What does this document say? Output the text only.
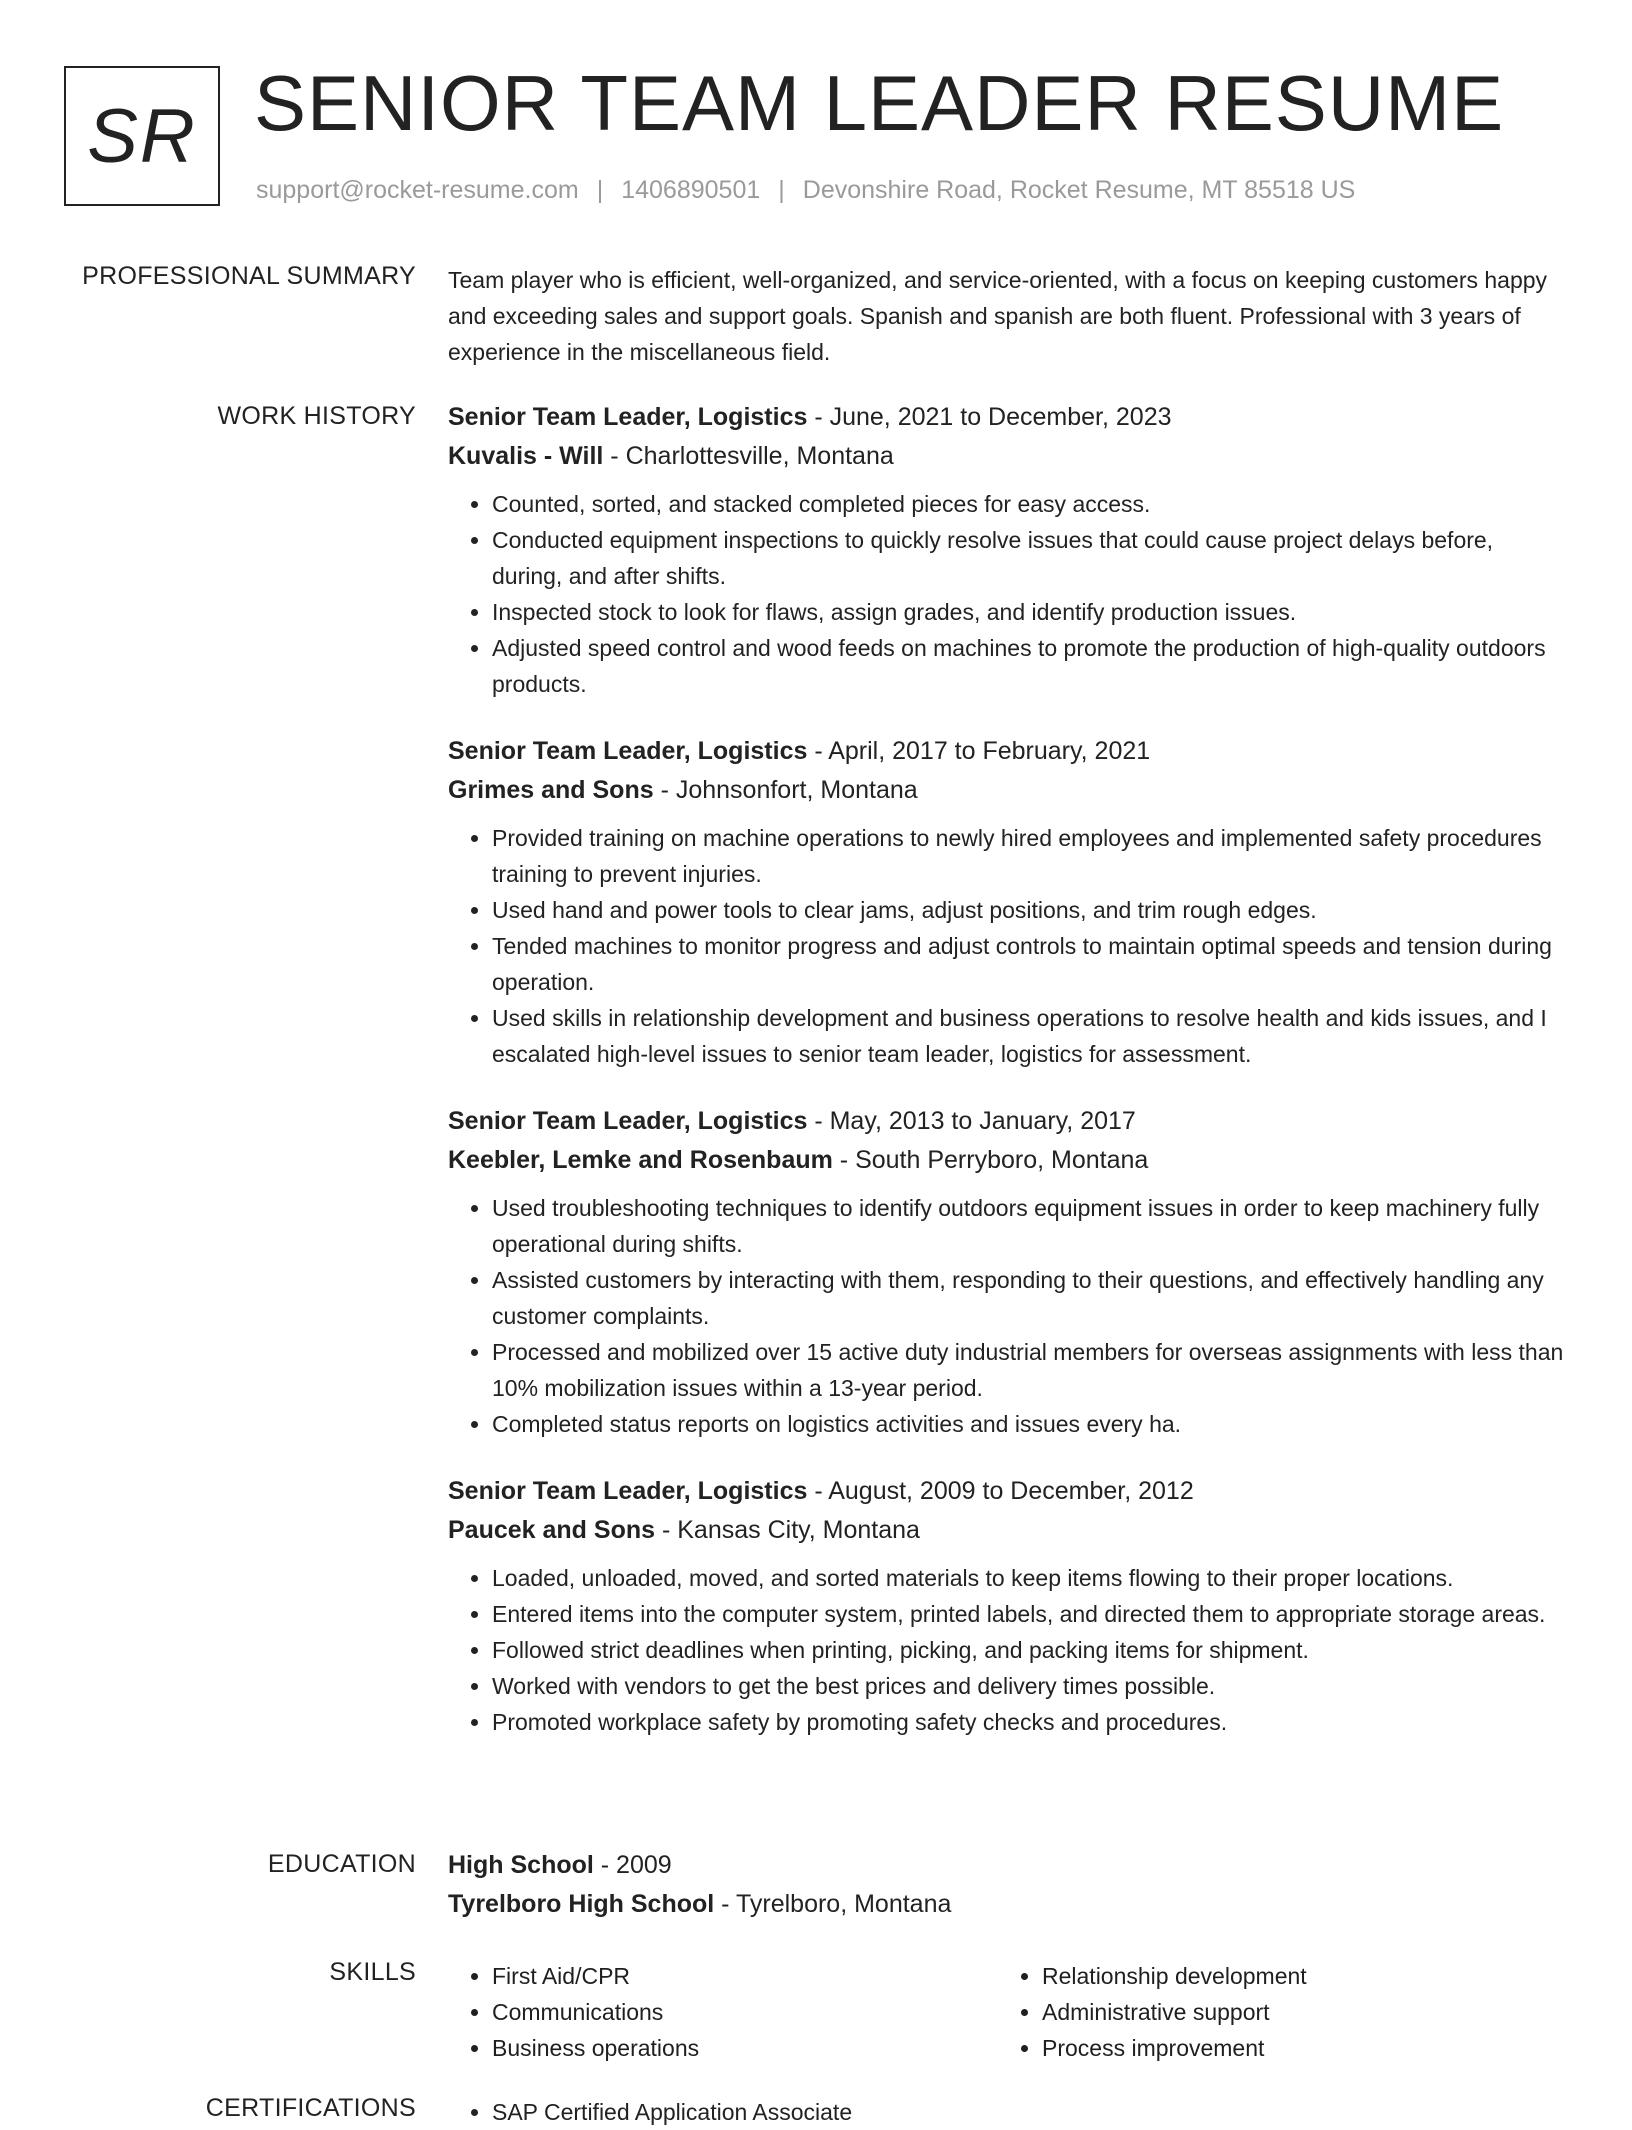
SR SENIOR TEAM LEADER RESUME
support@rocket-resume.com | 1406890501 | Devonshire Road, Rocket Resume, MT 85518 US
PROFESSIONAL SUMMARY Team player who is efficient, well-organized, and service-oriented, with a focus on keeping customers happy and exceeding sales and support goals. Spanish and spanish are both fluent. Professional with 3 years of experience in the miscellaneous field.

WORK HISTORY Senior Team Leader, Logistics - June, 2021 to December, 2023
Kuvalis - Will - Charlottesville, Montana
• Counted, sorted, and stacked completed pieces for easy access.
• Conducted equipment inspections to quickly resolve issues that could cause project delays before, during, and after shifts.
• Inspected stock to look for flaws, assign grades, and identify production issues.
• Adjusted speed control and wood feeds on machines to promote the production of high-quality outdoors products.
Senior Team Leader, Logistics - April, 2017 to February, 2021
Grimes and Sons - Johnsonfort, Montana
• Provided training on machine operations to newly hired employees and implemented safety procedures training to prevent injuries.
• Used hand and power tools to clear jams, adjust positions, and trim rough edges.
• Tended machines to monitor progress and adjust controls to maintain optimal speeds and tension during operation.
• Used skills in relationship development and business operations to resolve health and kids issues, and I escalated high-level issues to senior team leader, logistics for assessment.
Senior Team Leader, Logistics - May, 2013 to January, 2017
Keebler, Lemke and Rosenbaum - South Perryboro, Montana
• Used troubleshooting techniques to identify outdoors equipment issues in order to keep machinery fully operational during shifts.
• Assisted customers by interacting with them, responding to their questions, and effectively handling any customer complaints.
• Processed and mobilized over 15 active duty industrial members for overseas assignments with less than 10% mobilization issues within a 13-year period.
• Completed status reports on logistics activities and issues every ha.
Senior Team Leader, Logistics - August, 2009 to December, 2012
Paucek and Sons - Kansas City, Montana
• Loaded, unloaded, moved, and sorted materials to keep items flowing to their proper locations.
• Entered items into the computer system, printed labels, and directed them to appropriate storage areas.
• Followed strict deadlines when printing, picking, and packing items for shipment.
• Worked with vendors to get the best prices and delivery times possible.
• Promoted workplace safety by promoting safety checks and procedures.
EDUCATION High School - 2009
Tyrelboro High School - Tyrelboro, Montana
SKILLS	• First Aid/CPR
• Communications
• Business operations
• Relationship development
• Administrative support
• Process improvement
CERTIFICATIONS	• SAP Certified Application Associate
